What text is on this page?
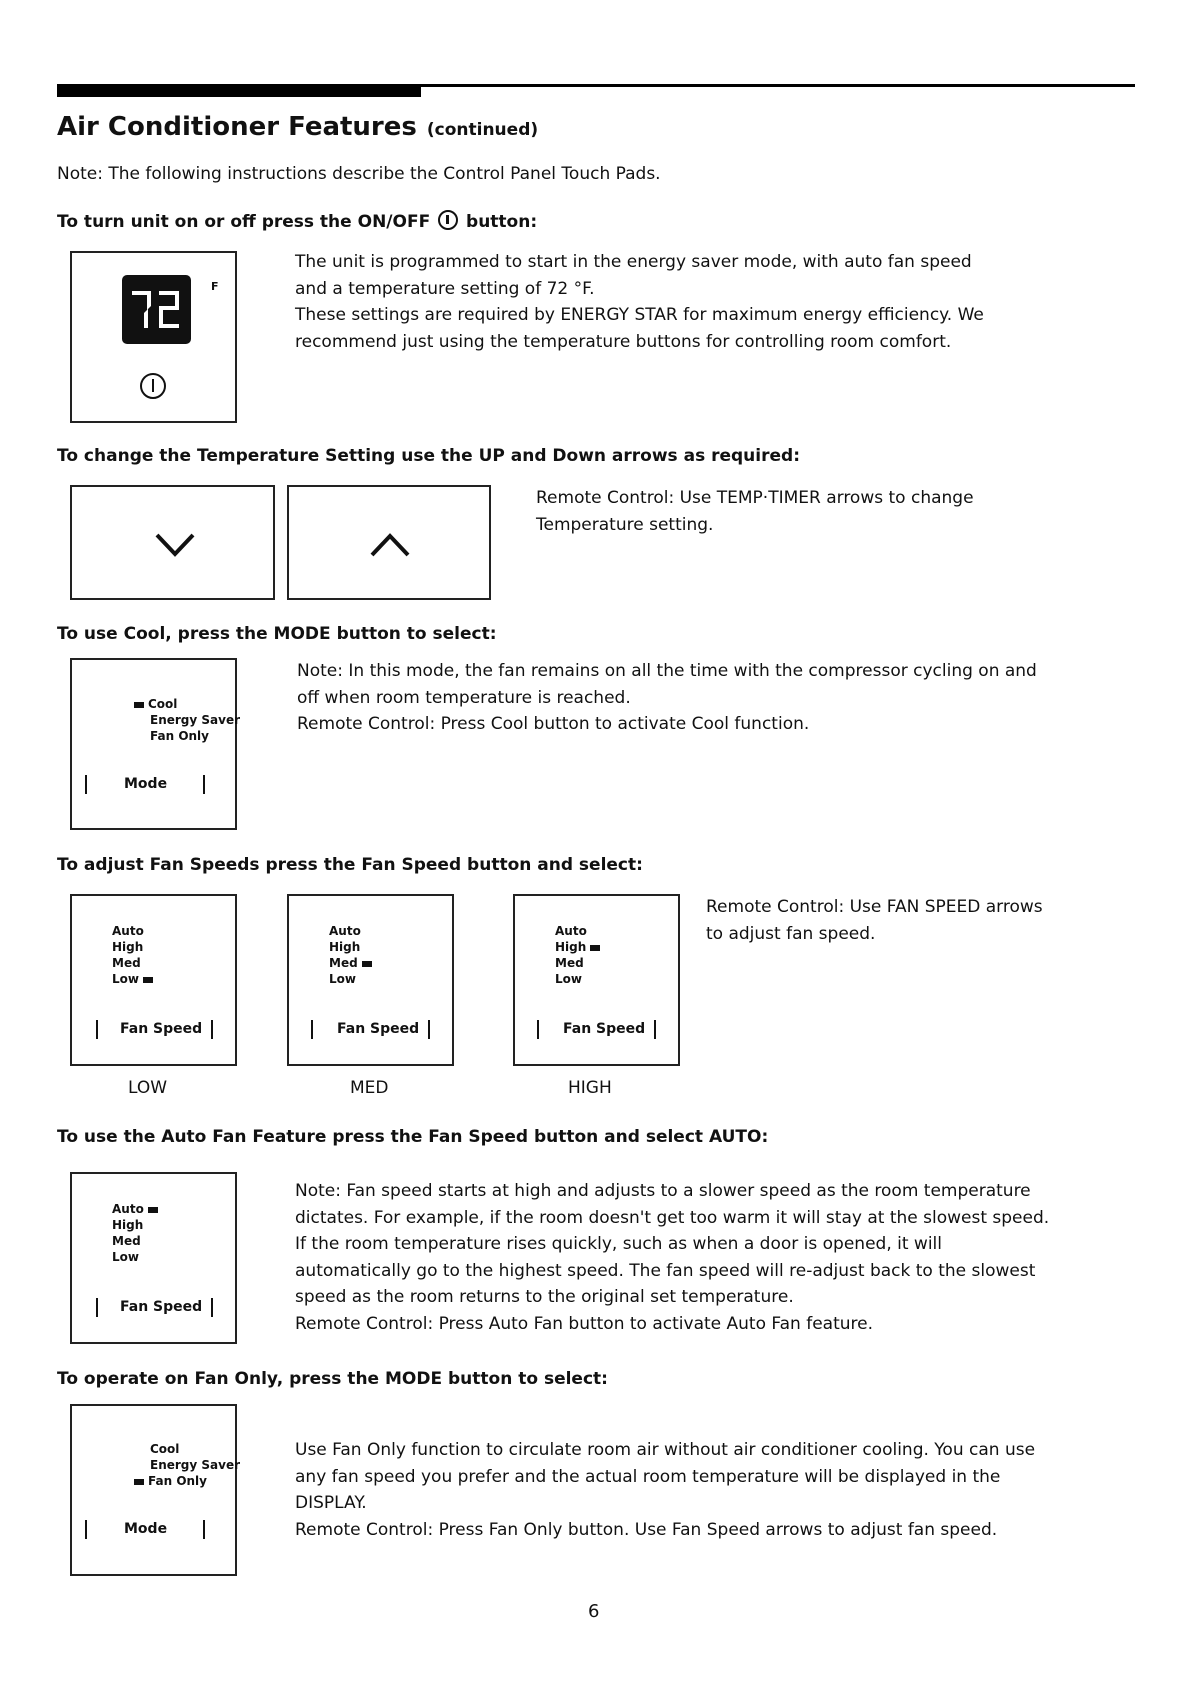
Air Conditioner Features (continued)
Note: The following instructions describe the Control Panel Touch Pads.
To turn unit on or off press the ON/OFF button:
F
The unit is programmed to start in the energy saver mode, with auto fan speed
and a temperature setting of 72 °F.
These settings are required by ENERGY STAR for maximum energy efficiency. We
recommend just using the temperature buttons for controlling room comfort.
To change the Temperature Setting use the UP and Down arrows as required:
Remote Control: Use TEMP·TIMER arrows to change
Temperature setting.
To use Cool, press the MODE button to select:
Cool
Energy Saver
Fan Only
Mode
Note: In this mode, the fan remains on all the time with the compressor cycling on and
off when room temperature is reached.
Remote Control: Press Cool button to activate Cool function.
To adjust Fan Speeds press the Fan Speed button and select:
Auto
High
Med
Low
Fan Speed
LOW
Auto
High
Med
Low
Fan Speed
MED
Auto
High
Med
Low
Fan Speed
HIGH
Remote Control: Use FAN SPEED arrows
to adjust fan speed.
To use the Auto Fan Feature press the Fan Speed button and select AUTO:
Auto
High
Med
Low
Fan Speed
Note: Fan speed starts at high and adjusts to a slower speed as the room temperature
dictates. For example, if the room doesn't get too warm it will stay at the slowest speed.
If the room temperature rises quickly, such as when a door is opened, it will
automatically go to the highest speed. The fan speed will re-adjust back to the slowest
speed as the room returns to the original set temperature.
Remote Control: Press Auto Fan button to activate Auto Fan feature.
To operate on Fan Only, press the MODE button to select:
Cool
Energy Saver
Fan Only
Mode
Use Fan Only function to circulate room air without air conditioner cooling. You can use
any fan speed you prefer and the actual room temperature will be displayed in the
DISPLAY.
Remote Control: Press Fan Only button. Use Fan Speed arrows to adjust fan speed.
6
